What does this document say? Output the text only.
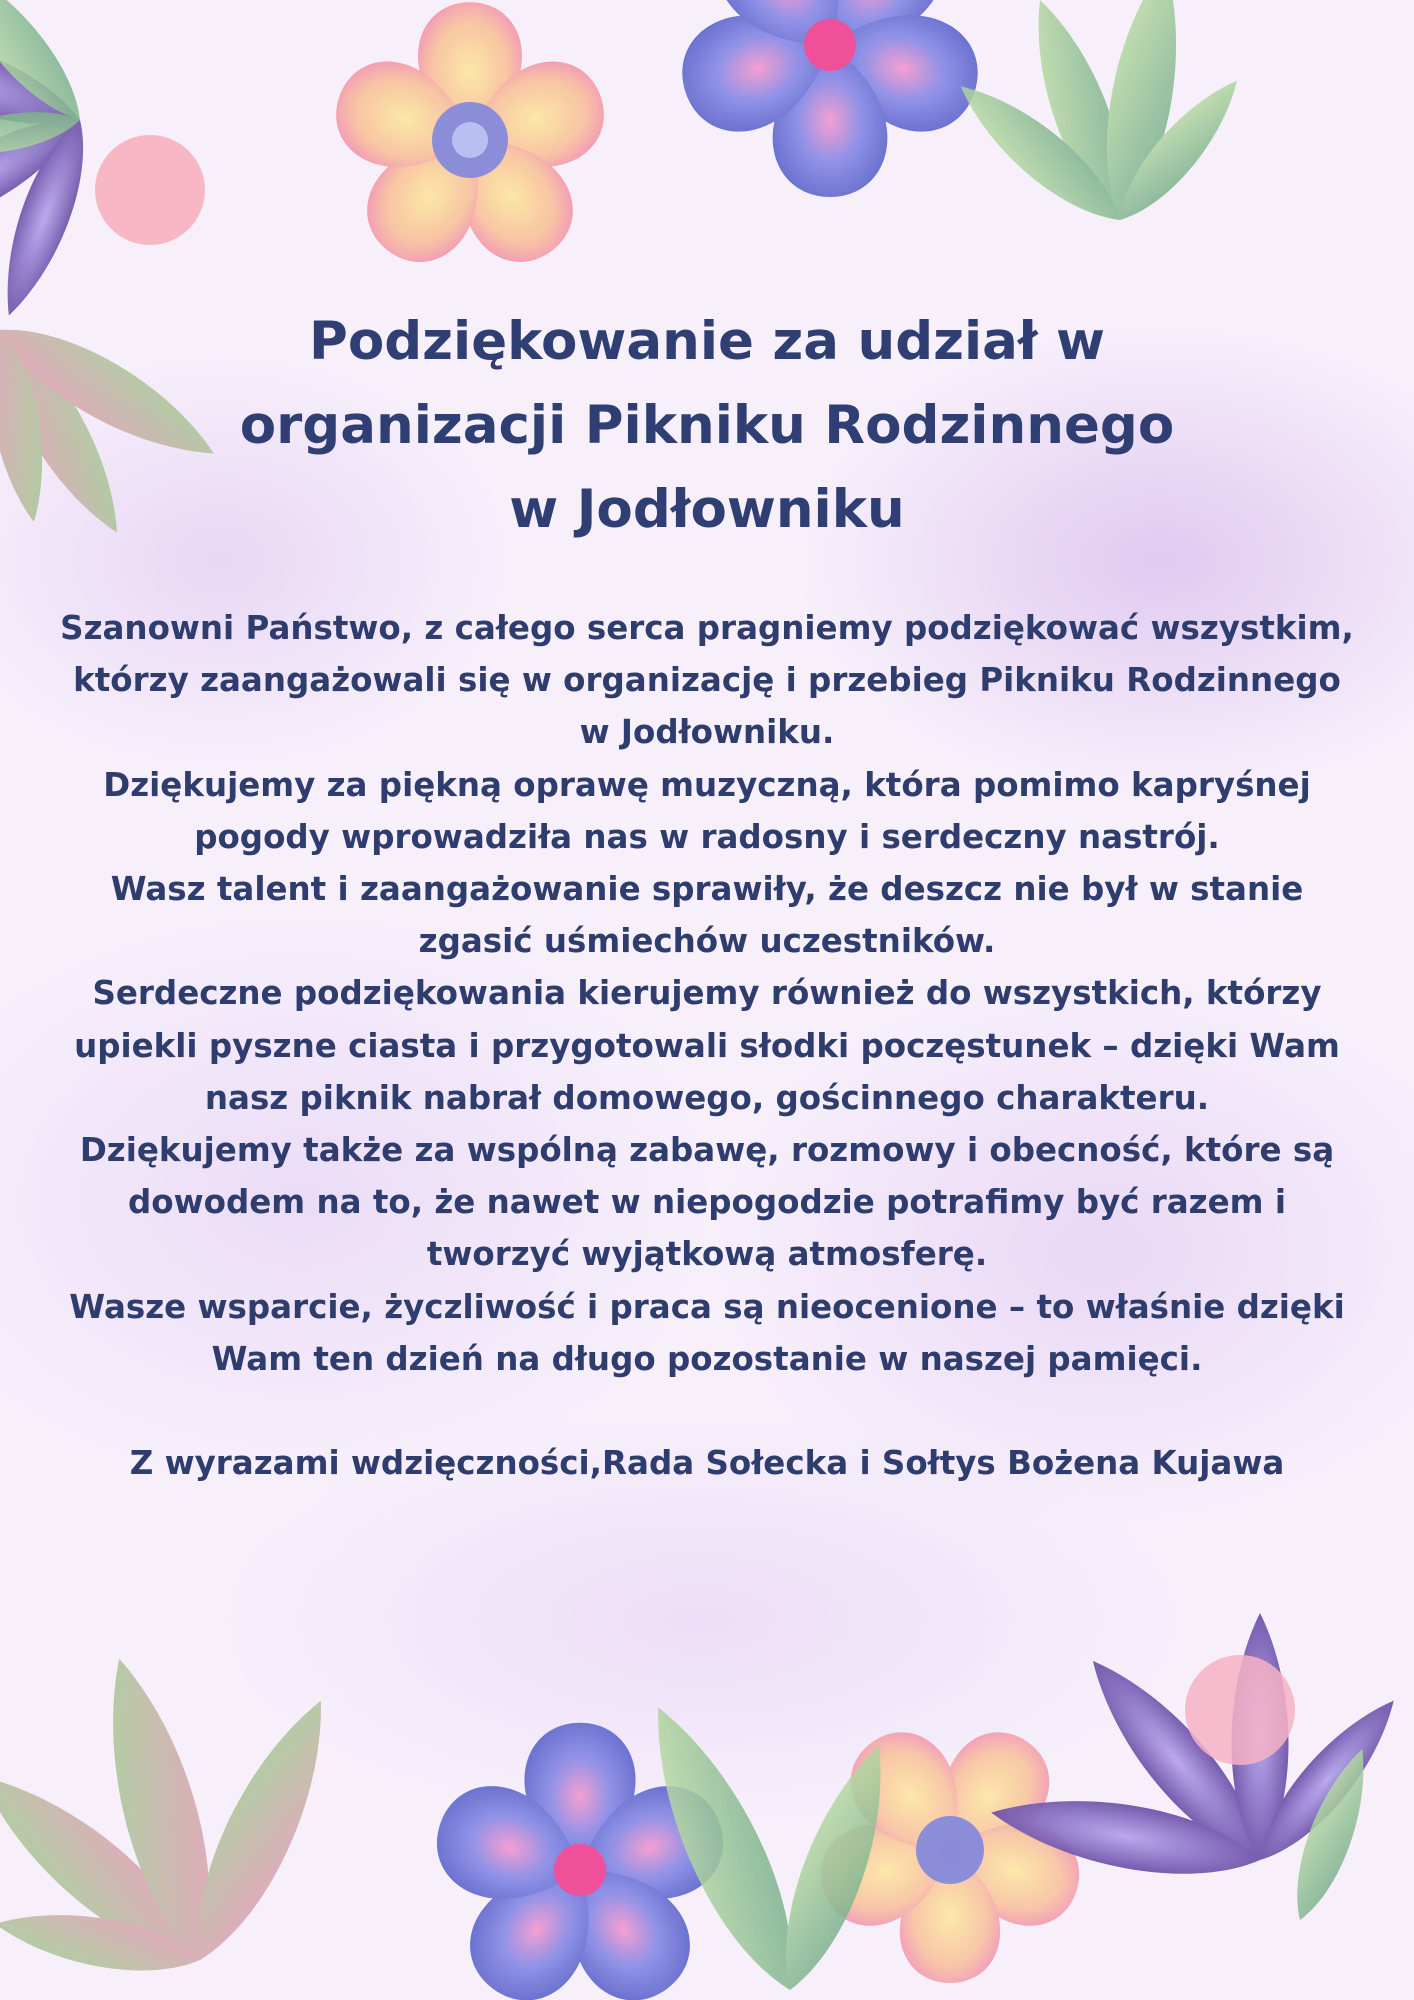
Podziękowanie za udział w organizacji Pikniku Rodzinnego w Jodłowniku

Szanowni Państwo, z całego serca pragniemy podziękować wszystkim, którzy zaangażowali się w organizację i przebieg Pikniku Rodzinnego w Jodłowniku.

Dziękujemy za piękną oprawę muzyczną, która pomimo kapryśnej pogody wprowadziła nas w radosny i serdeczny nastrój.

Wasz talent i zaangażowanie sprawiły, że deszcz nie był w stanie zgasić uśmiechów uczestników.

Serdeczne podziękowania kierujemy również do wszystkich, którzy upiekli pyszne ciasta i przygotowali słodki poczęstunek – dzięki Wam nasz piknik nabrał domowego, gościnnego charakteru.

Dziękujemy także za wspólną zabawę, rozmowy i obecność, które są dowodem na to, że nawet w niepogodzie potrafimy być razem i tworzyć wyjątkową atmosferę.

Wasze wsparcie, życzliwość i praca są nieocenione – to właśnie dzięki Wam ten dzień na długo pozostanie w naszej pamięci.

Z wyrazami wdzięczności,Rada Sołecka i Sołtys Bożena Kujawa
